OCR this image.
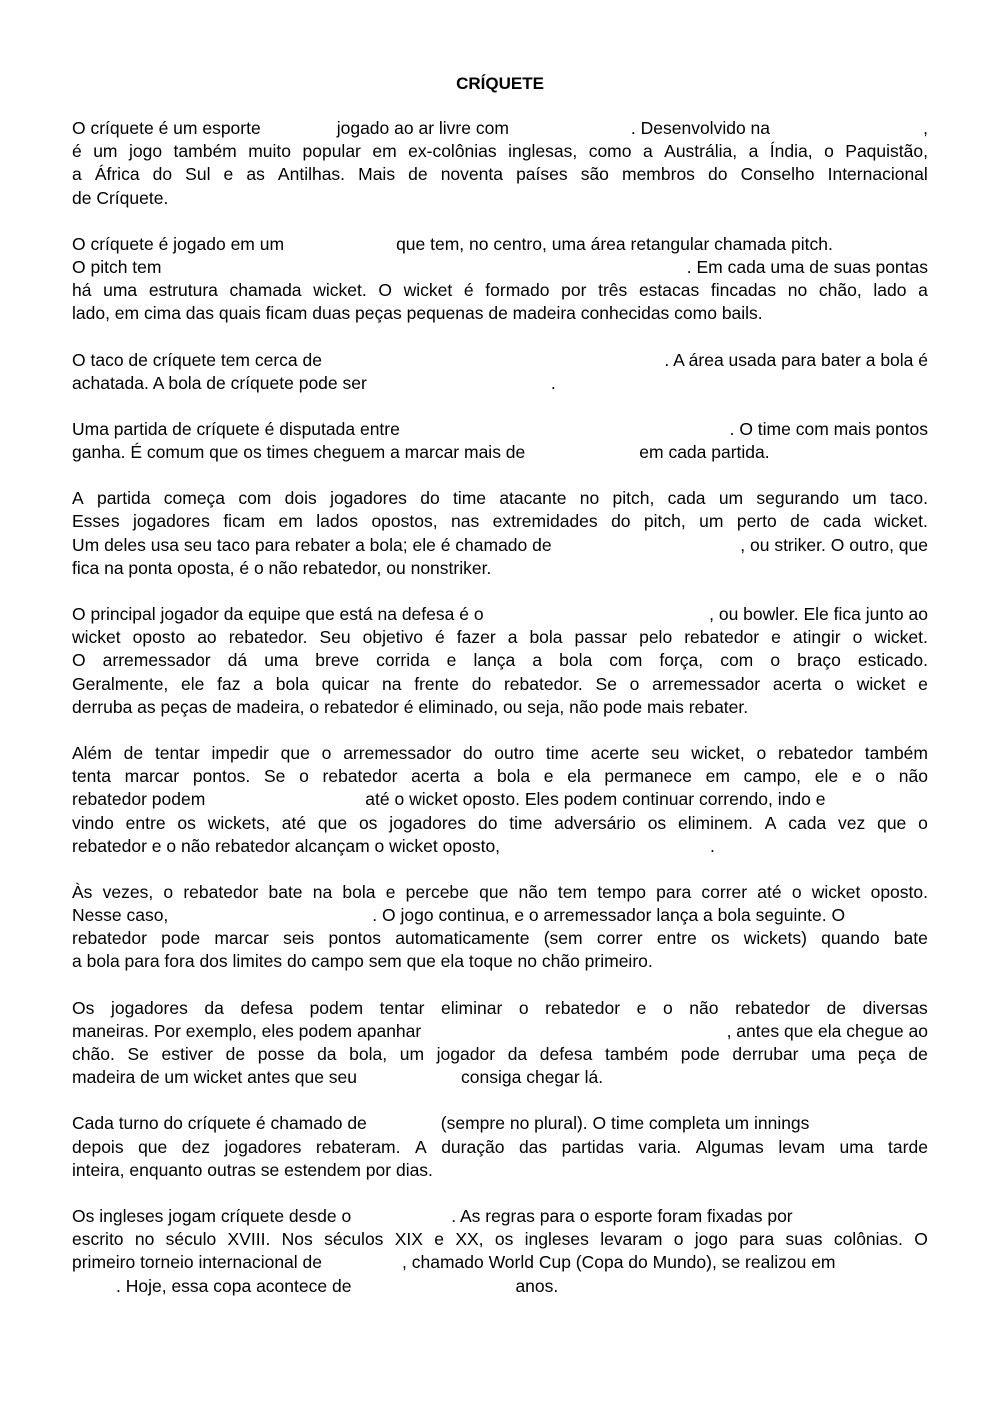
CRÍQUETE
O críquete é um esporte	jogado ao ar livre com	. Desenvolvido na	,
é um jogo também muito popular em ex-colônias inglesas, como a Austrália, a Índia, o Paquistão,
a África do Sul e as Antilhas. Mais de noventa países são membros do Conselho Internacional
de Críquete.
O críquete é jogado em um	que tem, no centro, uma área retangular chamada pitch.
O pitch tem	. Em cada uma de suas pontas
há uma estrutura chamada wicket. O wicket é formado por três estacas fincadas no chão, lado a
lado, em cima das quais ficam duas peças pequenas de madeira conhecidas como bails.
O taco de críquete tem cerca de	. A área usada para bater a bola é
achatada. A bola de críquete pode ser	.
Uma partida de críquete é disputada entre	. O time com mais pontos
ganha. É comum que os times cheguem a marcar mais de	em cada partida.
A partida começa com dois jogadores do time atacante no pitch, cada um segurando um taco.
Esses jogadores ficam em lados opostos, nas extremidades do pitch, um perto de cada wicket.
Um deles usa seu taco para rebater a bola; ele é chamado de	, ou striker. O outro, que
fica na ponta oposta, é o não rebatedor, ou nonstriker.
O principal jogador da equipe que está na defesa é o	, ou bowler. Ele fica junto ao
wicket oposto ao rebatedor. Seu objetivo é fazer a bola passar pelo rebatedor e atingir o wicket.
O arremessador dá uma breve corrida e lança a bola com força, com o braço esticado.
Geralmente, ele faz a bola quicar na frente do rebatedor. Se o arremessador acerta o wicket e
derruba as peças de madeira, o rebatedor é eliminado, ou seja, não pode mais rebater.
Além de tentar impedir que o arremessador do outro time acerte seu wicket, o rebatedor também
tenta marcar pontos. Se o rebatedor acerta a bola e ela permanece em campo, ele e o não
rebatedor podem	até o wicket oposto. Eles podem continuar correndo, indo e
vindo entre os wickets, até que os jogadores do time adversário os eliminem. A cada vez que o
rebatedor e o não rebatedor alcançam o wicket oposto,	.
Às vezes, o rebatedor bate na bola e percebe que não tem tempo para correr até o wicket oposto.
Nesse caso,	. O jogo continua, e o arremessador lança a bola seguinte. O
rebatedor pode marcar seis pontos automaticamente (sem correr entre os wickets) quando bate
a bola para fora dos limites do campo sem que ela toque no chão primeiro.
Os jogadores da defesa podem tentar eliminar o rebatedor e o não rebatedor de diversas
maneiras. Por exemplo, eles podem apanhar	, antes que ela chegue ao
chão. Se estiver de posse da bola, um jogador da defesa também pode derrubar uma peça de
madeira de um wicket antes que seu	consiga chegar lá.
Cada turno do críquete é chamado de	(sempre no plural). O time completa um innings
depois que dez jogadores rebateram. A duração das partidas varia. Algumas levam uma tarde
inteira, enquanto outras se estendem por dias.
Os ingleses jogam críquete desde o	. As regras para o esporte foram fixadas por
escrito no século XVIII. Nos séculos XIX e XX, os ingleses levaram o jogo para suas colônias. O
primeiro torneio internacional de	, chamado World Cup (Copa do Mundo), se realizou em
. Hoje, essa copa acontece de	anos.
